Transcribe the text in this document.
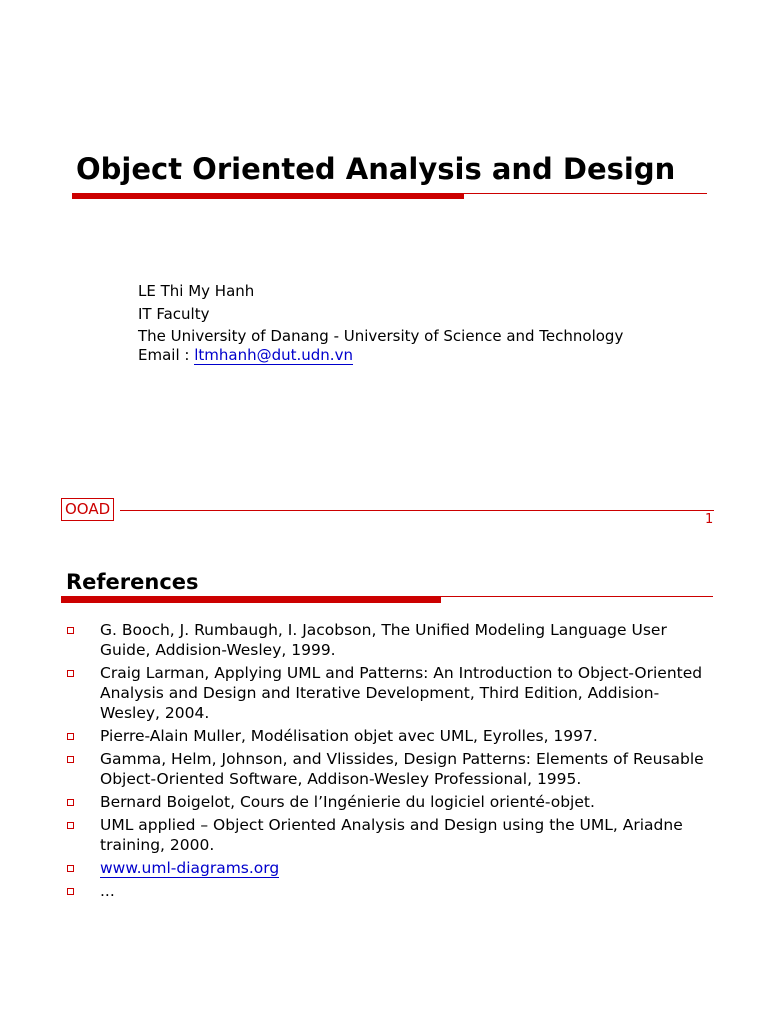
Object Oriented Analysis and Design
LE Thi My Hanh
IT Faculty
The University of Danang - University of Science and Technology
Email : ltmhanh@dut.udn.vn
OOAD
1
References
G. Booch, J. Rumbaugh, I. Jacobson, The Unified Modeling Language User Guide, Addision-Wesley, 1999.
Craig Larman, Applying UML and Patterns: An Introduction to Object-Oriented Analysis and Design and Iterative Development, Third Edition, Addision-Wesley, 2004.
Pierre-Alain Muller, Modélisation objet avec UML, Eyrolles, 1997.
Gamma, Helm, Johnson, and Vlissides, Design Patterns: Elements of Reusable Object-Oriented Software, Addison-Wesley Professional, 1995.
Bernard Boigelot, Cours de l’Ingénierie du logiciel orienté-objet.
UML applied – Object Oriented Analysis and Design using the UML, Ariadne training, 2000.
www.uml-diagrams.org
...
